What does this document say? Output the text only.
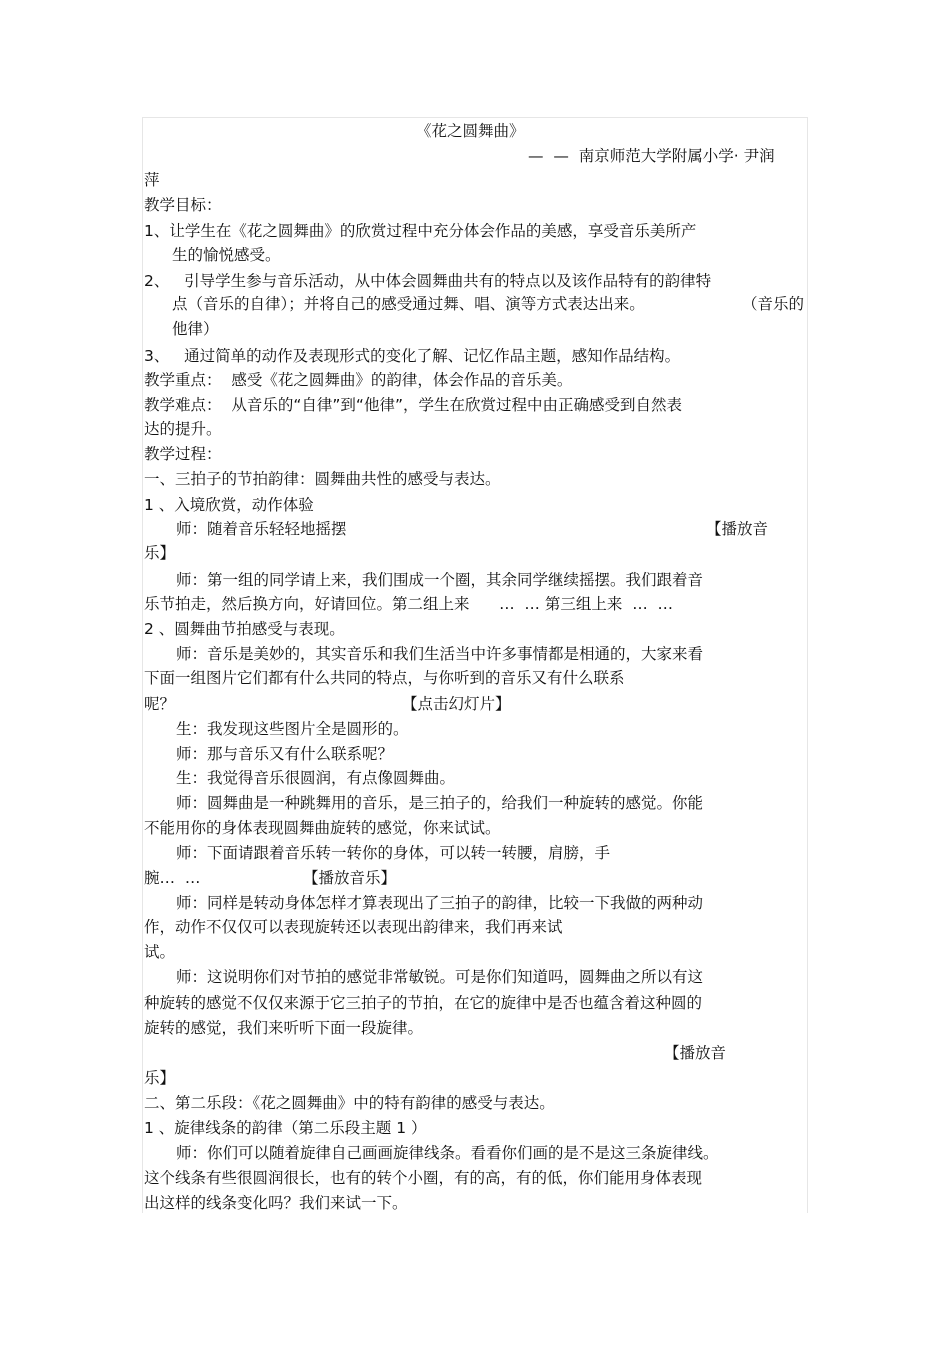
《花之圆舞曲》
—  —  南京师范大学附属小学· 尹润
萍
教学目标：
1、让学生在《花之圆舞曲》的欣赏过程中充分体会作品的美感，享受音乐美所产
生的愉悦感受。
2、   引导学生参与音乐活动，从中体会圆舞曲共有的特点以及该作品特有的韵律特
点（音乐的自律）；并将自己的感受通过舞、唱、演等方式表达出来。	（音乐的
他律）
3、   通过简单的动作及表现形式的变化了解、记忆作品主题，感知作品结构。
教学重点：  感受《花之圆舞曲》的韵律，体会作品的音乐美。
教学难点：  从音乐的“自律”到“他律”，学生在欣赏过程中由正确感受到自然表
达的提升。
教学过程：
一、三拍子的节拍韵律：圆舞曲共性的感受与表达。
1 、入境欣赏，动作体验
师：随着音乐轻轻地摇摆	【播放音
乐】
师：第一组的同学请上来，我们围成一个圈，其余同学继续摇摆。我们跟着音
乐节拍走，然后换方向，好请回位。第二组上来      …  … 第三组上来  …  …
2 、圆舞曲节拍感受与表现。
师：音乐是美妙的，其实音乐和我们生活当中许多事情都是相通的，大家来看
下面一组图片它们都有什么共同的特点，与你听到的音乐又有什么联系
呢？	【点击幻灯片】
生：我发现这些图片全是圆形的。
师：那与音乐又有什么联系呢？
生：我觉得音乐很圆润，有点像圆舞曲。
师：圆舞曲是一种跳舞用的音乐，是三拍子的，给我们一种旋转的感觉。你能
不能用你的身体表现圆舞曲旋转的感觉，你来试试。
师：下面请跟着音乐转一转你的身体，可以转一转腰，肩膀，手
腕…  …	【播放音乐】
师：同样是转动身体怎样才算表现出了三拍子的韵律，比较一下我做的两种动
作，动作不仅仅可以表现旋转还以表现出韵律来，我们再来试
试。
师：这说明你们对节拍的感觉非常敏锐。可是你们知道吗，圆舞曲之所以有这
种旋转的感觉不仅仅来源于它三拍子的节拍，在它的旋律中是否也蕴含着这种圆的
旋转的感觉，我们来听听下面一段旋律。
【播放音
乐】
二、第二乐段：《花之圆舞曲》中的特有韵律的感受与表达。
1 、旋律线条的韵律（第二乐段主题 1 ）
师：你们可以随着旋律自己画画旋律线条。看看你们画的是不是这三条旋律线。
这个线条有些很圆润很长，也有的转个小圈，有的高，有的低，你们能用身体表现
出这样的线条变化吗？我们来试一下。
